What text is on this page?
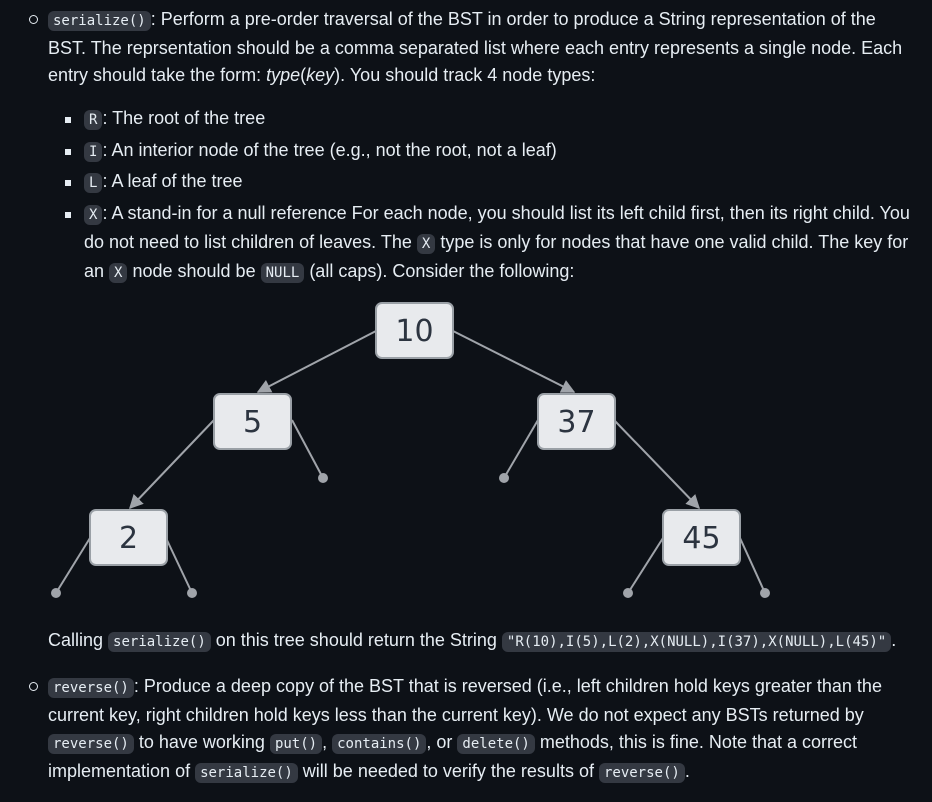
serialize() : Perform a pre-order traversal of the BST in order to produce a String representation of the BST. The reprsentation should be a comma separated list where each entry represents a single node. Each entry should take the form: type(key). You should track 4 node types:

R : The root of the tree

I : An interior node of the tree (e.g., not the root, not a leaf)

L : A leaf of the tree

X : A stand-in for a null reference For each node, you should list its left child first, then its right child. You do not need to list children of leaves. The X type is only for nodes that have one valid child. The key for an X node should be NULL (all caps). Consider the following:

10
5	37
2	45

Calling serialize() on this tree should return the String "R(10),I(5),L(2),X(NULL),I(37),X(NULL),L(45)" .

reverse() : Produce a deep copy of the BST that is reversed (i.e., left children hold keys greater than the current key, right children hold keys less than the current key). We do not expect any BSTs returned by reverse() to have working put() , contains() , or delete() methods, this is fine. Note that a correct implementation of serialize() will be needed to verify the results of reverse() .
